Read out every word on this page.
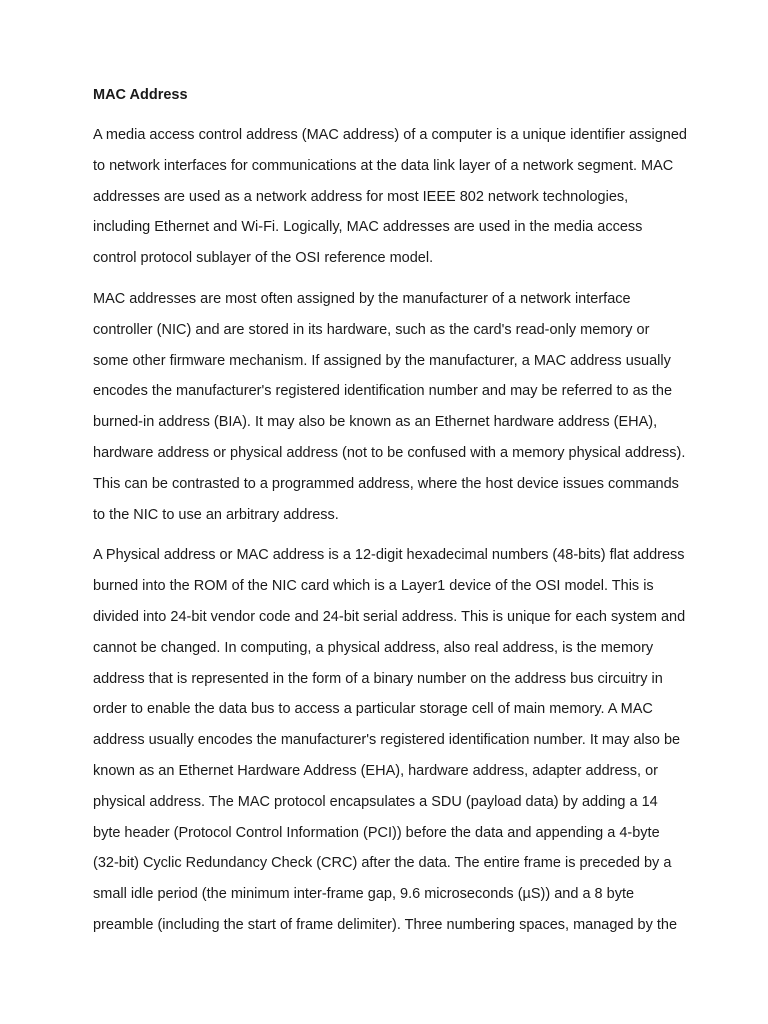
MAC Address
A media access control address (MAC address) of a computer is a unique identifier assigned
to network interfaces for communications at the data link layer of a network segment. MAC
addresses are used as a network address for most IEEE 802 network technologies,
including Ethernet and Wi-Fi. Logically, MAC addresses are used in the media access
control protocol sublayer of the OSI reference model.
MAC addresses are most often assigned by the manufacturer of a network interface
controller (NIC) and are stored in its hardware, such as the card's read-only memory or
some other firmware mechanism. If assigned by the manufacturer, a MAC address usually
encodes the manufacturer's registered identification number and may be referred to as the
burned-in address (BIA). It may also be known as an Ethernet hardware address (EHA),
hardware address or physical address (not to be confused with a memory physical address).
This can be contrasted to a programmed address, where the host device issues commands
to the NIC to use an arbitrary address.
A Physical address or MAC address is a 12-digit hexadecimal numbers (48-bits) flat address
burned into the ROM of the NIC card which is a Layer1 device of the OSI model. This is
divided into 24-bit vendor code and 24-bit serial address. This is unique for each system and
cannot be changed. In computing, a physical address, also real address, is the memory
address that is represented in the form of a binary number on the address bus circuitry in
order to enable the data bus to access a particular storage cell of main memory. A MAC
address usually encodes the manufacturer's registered identification number. It may also be
known as an Ethernet Hardware Address (EHA), hardware address, adapter address, or
physical address. The MAC protocol encapsulates a SDU (payload data) by adding a 14
byte header (Protocol Control Information (PCI)) before the data and appending a 4-byte
(32-bit) Cyclic Redundancy Check (CRC) after the data. The entire frame is preceded by a
small idle period (the minimum inter-frame gap, 9.6 microseconds (µS)) and a 8 byte
preamble (including the start of frame delimiter). Three numbering spaces, managed by the
